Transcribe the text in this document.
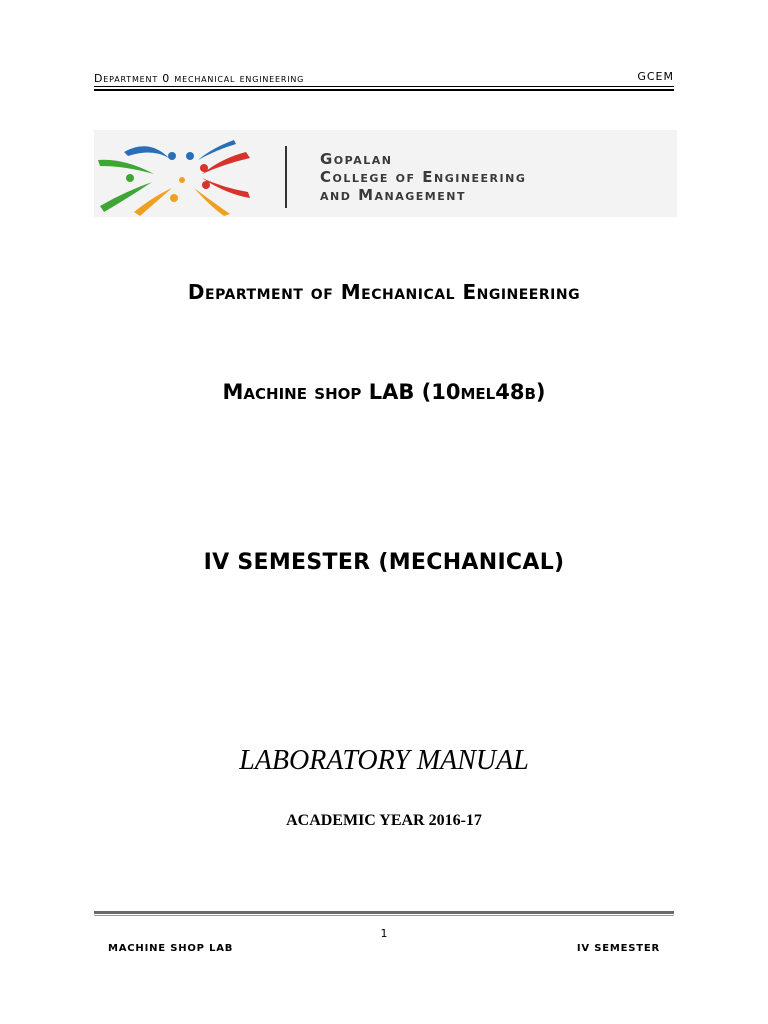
Department 0 mechanical engineering	GCEM
Gopalan
College of Engineering
and Management
Department of Mechanical Engineering
Machine shop LAB (10mel48b)
IV SEMESTER (MECHANICAL)
LABORATORY MANUAL
ACADEMIC YEAR 2016-17
1
MACHINE SHOP LAB	IV SEMESTER
